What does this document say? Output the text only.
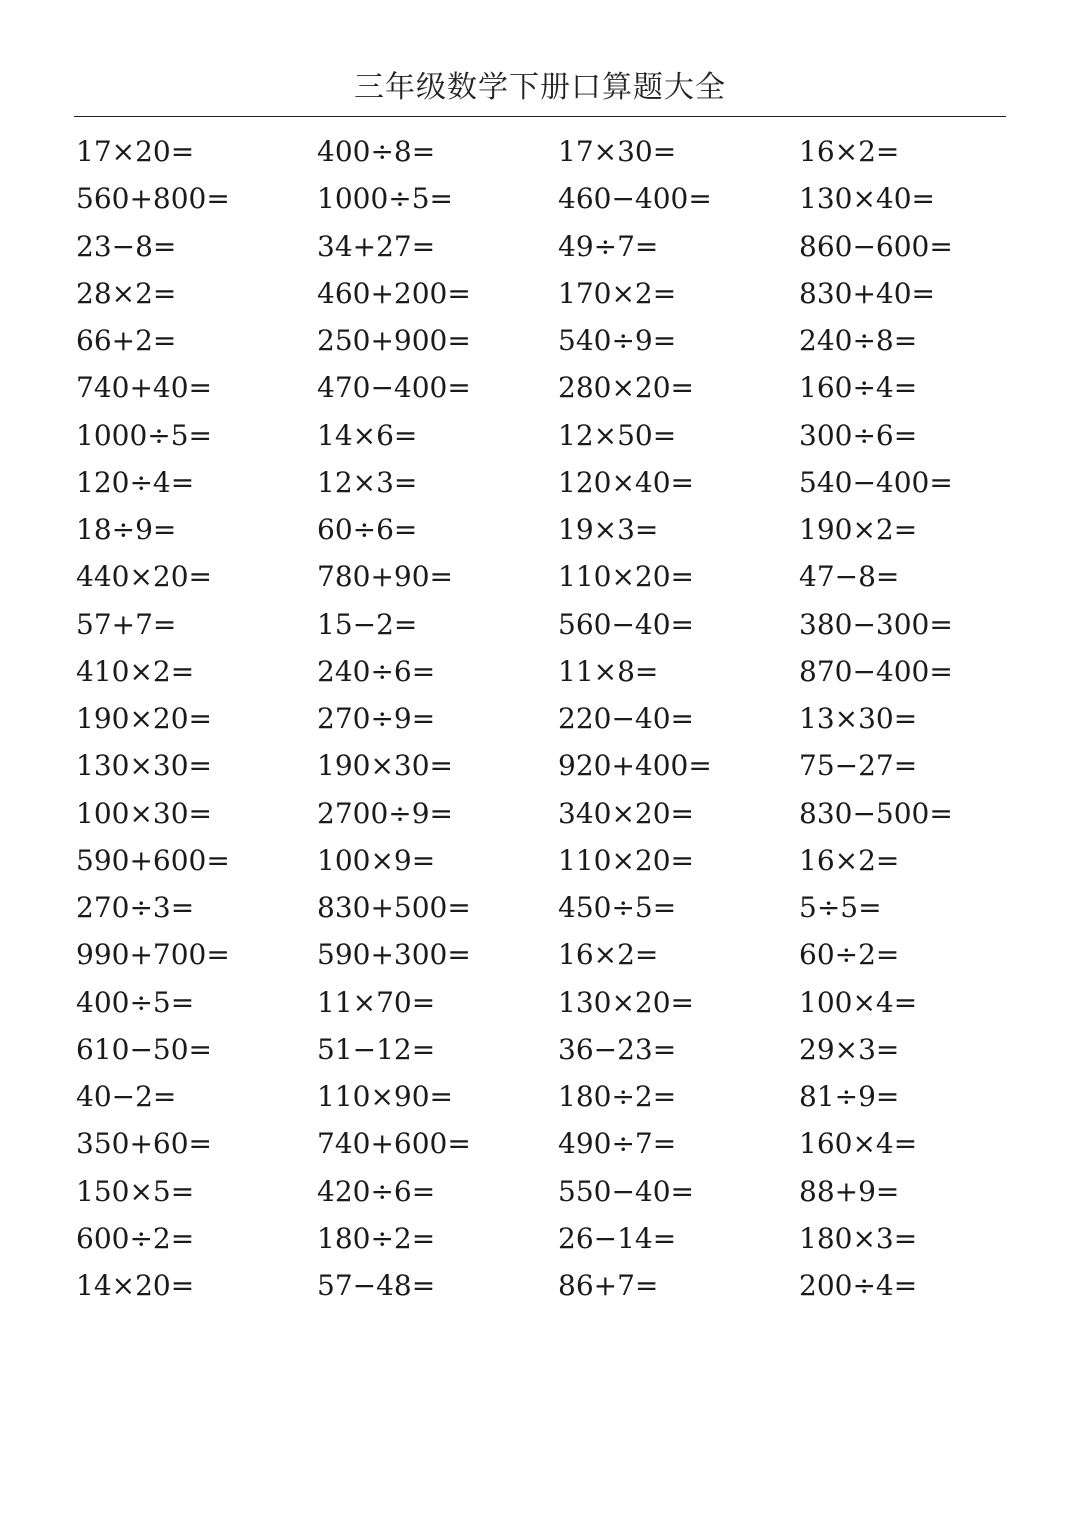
三年级数学下册口算题大全
17×20=	400÷8=	17×30=	16×2=
560+800=	1000÷5=	460−400=	130×40=
23−8=	34+27=	49÷7=	860−600=
28×2=	460+200=	170×2=	830+40=
66+2=	250+900=	540÷9=	240÷8=
740+40=	470−400=	280×20=	160÷4=
1000÷5=	14×6=	12×50=	300÷6=
120÷4=	12×3=	120×40=	540−400=
18÷9=	60÷6=	19×3=	190×2=
440×20=	780+90=	110×20=	47−8=
57+7=	15−2=	560−40=	380−300=
410×2=	240÷6=	11×8=	870−400=
190×20=	270÷9=	220−40=	13×30=
130×30=	190×30=	920+400=	75−27=
100×30=	2700÷9=	340×20=	830−500=
590+600=	100×9=	110×20=	16×2=
270÷3=	830+500=	450÷5=	5÷5=
990+700=	590+300=	16×2=	60÷2=
400÷5=	11×70=	130×20=	100×4=
610−50=	51−12=	36−23=	29×3=
40−2=	110×90=	180÷2=	81÷9=
350+60=	740+600=	490÷7=	160×4=
150×5=	420÷6=	550−40=	88+9=
600÷2=	180÷2=	26−14=	180×3=
14×20=	57−48=	86+7=	200÷4=
